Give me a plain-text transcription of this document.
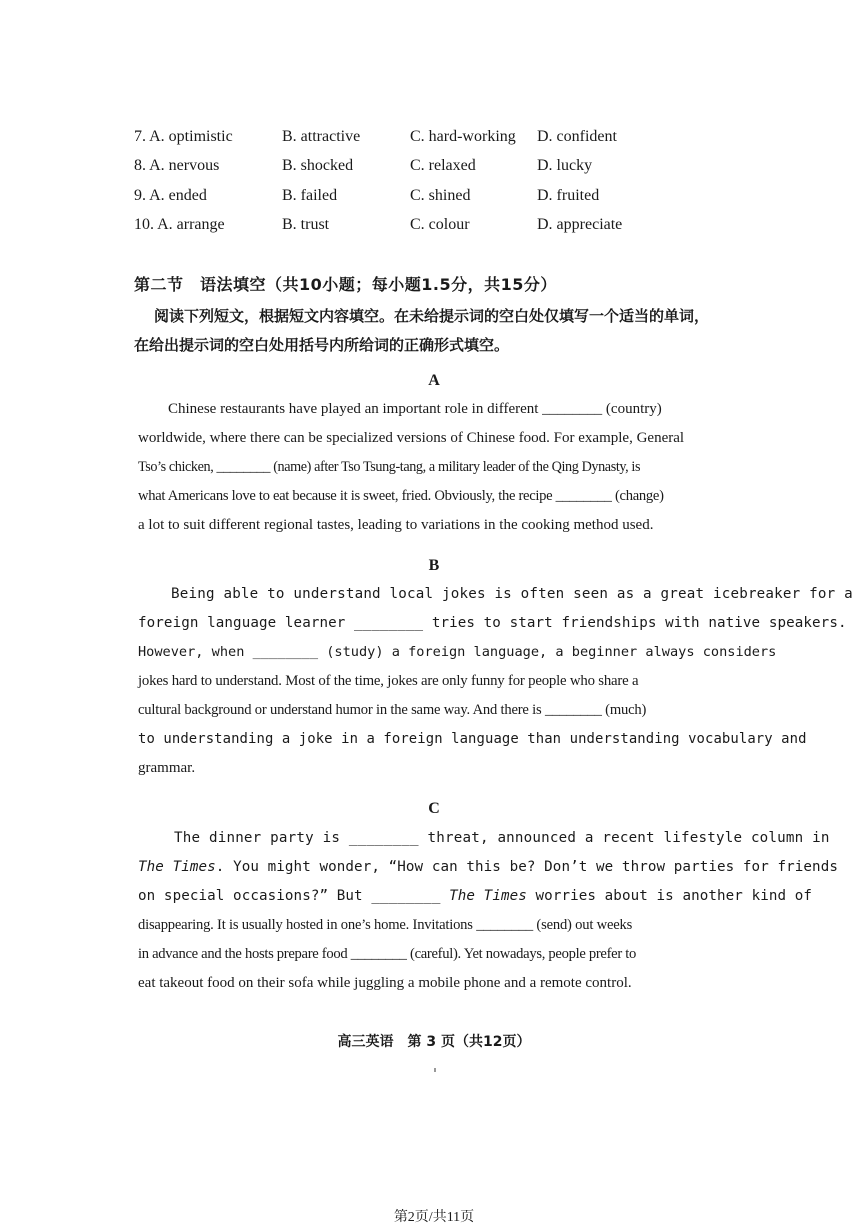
7. A. optimistic	B. attractive	C. hard-working	D. confident
8. A. nervous	B. shocked	C. relaxed	D. lucky
9. A. ended	B. failed	C. shined	D. fruited
10. A. arrange	B. trust	C. colour	D. appreciate
第二节　语法填空（共10小题；每小题1.5分，共15分）
阅读下列短文，根据短文内容填空。在未给提示词的空白处仅填写一个适当的单词，
在给出提示词的空白处用括号内所给词的正确形式填空。
A
Chinese restaurants have played an important role in different ________ (country)
worldwide, where there can be specialized versions of Chinese food. For example, General
Tso’s chicken, ________ (name) after Tso Tsung-tang, a military leader of the Qing Dynasty, is
what Americans love to eat because it is sweet, fried. Obviously, the recipe ________ (change)
a lot to suit different regional tastes, leading to variations in the cooking method used.
B
Being able to understand local jokes is often seen as a great icebreaker for a
foreign language learner ________ tries to start friendships with native speakers.
However, when ________ (study) a foreign language, a beginner always considers
jokes hard to understand. Most of the time, jokes are only funny for people who share a
cultural background or understand humor in the same way. And there is ________ (much)
to understanding a joke in a foreign language than understanding vocabulary and
grammar.
C
The dinner party is ________ threat, announced a recent lifestyle column in
The Times. You might wonder, “How can this be? Don’t we throw parties for friends
on special occasions?” But ________ The Times worries about is another kind of
disappearing. It is usually hosted in one’s home. Invitations ________ (send) out weeks
in advance and the hosts prepare food ________ (careful). Yet nowadays, people prefer to
eat takeout food on their sofa while juggling a mobile phone and a remote control.
高三英语　第 3 页（共12页）
第2页/共11页
